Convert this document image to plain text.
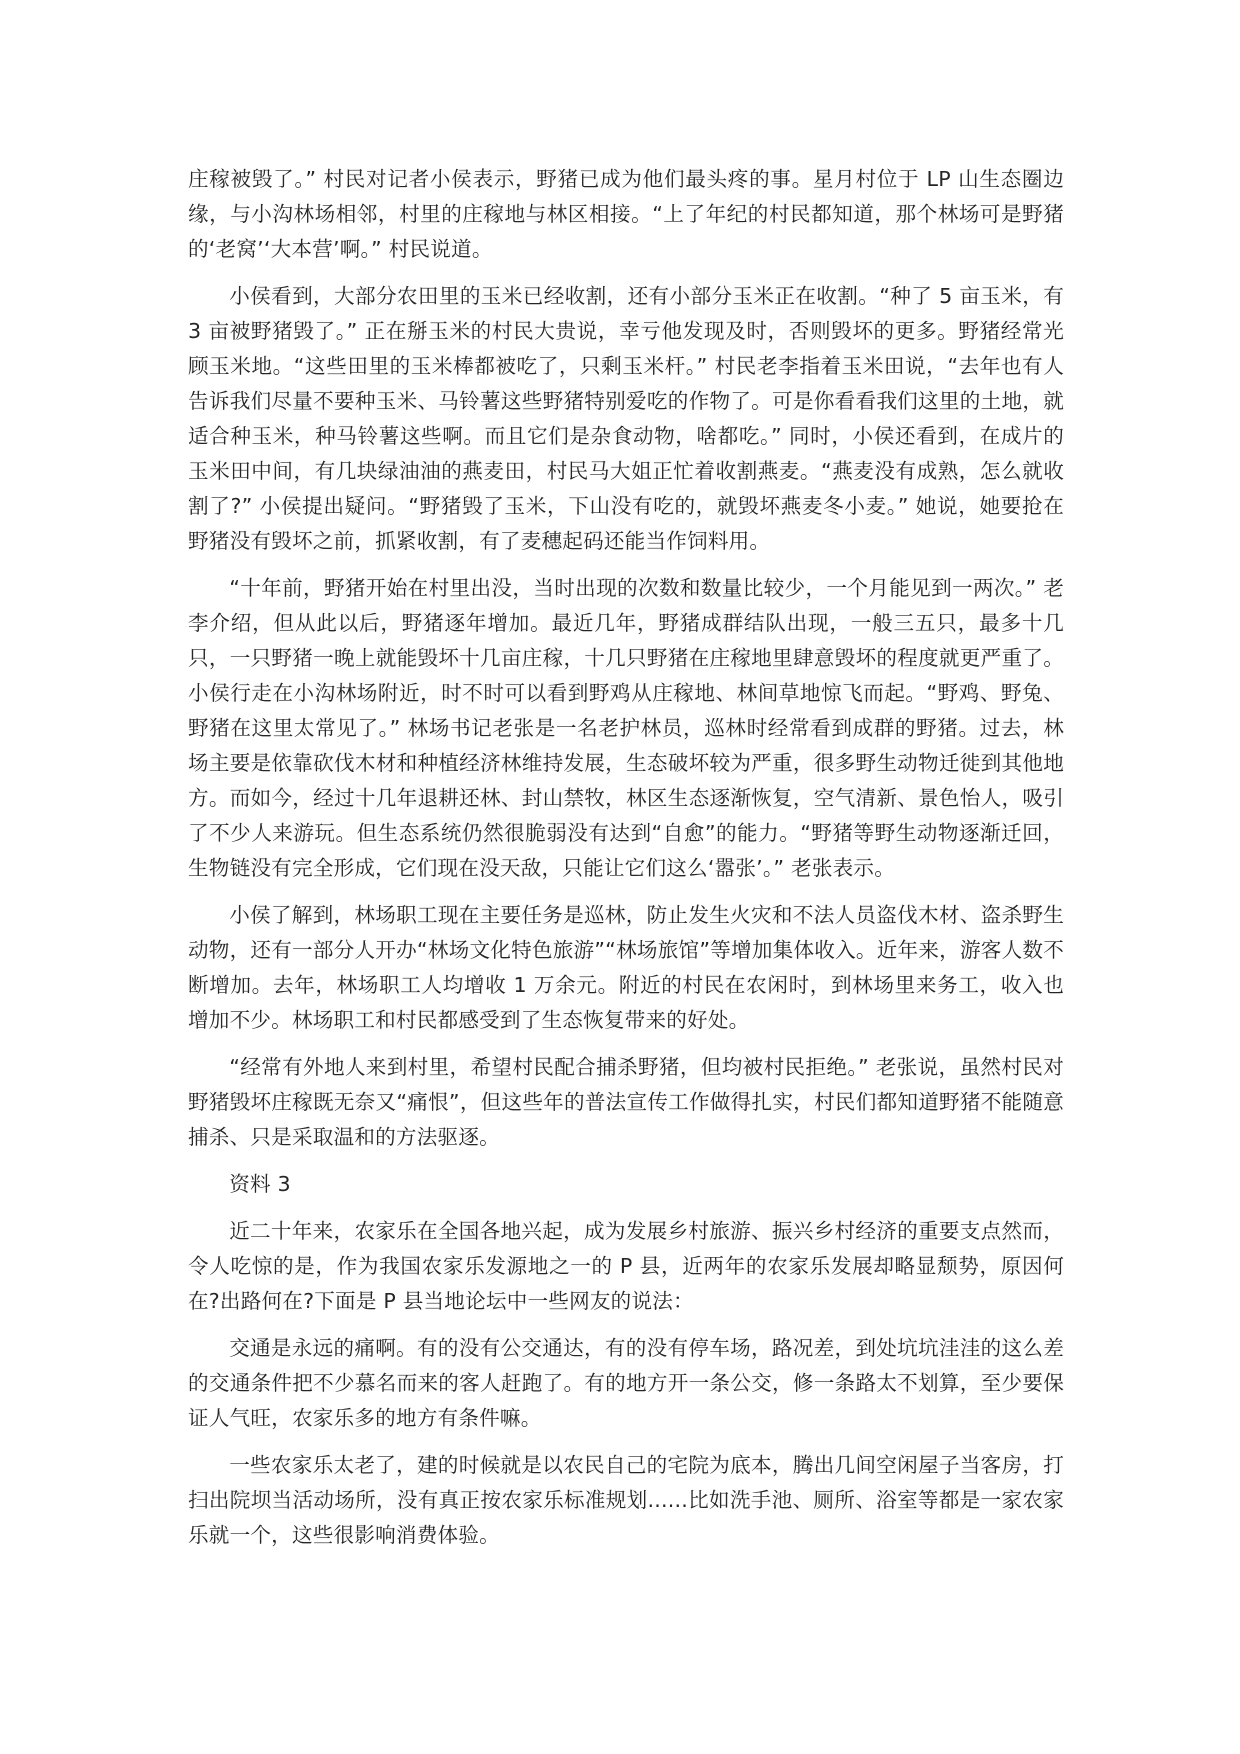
庄稼被毁了。” 村民对记者小侯表示，野猪已成为他们最头疼的事。星月村位于 LP 山生态圈边缘，与小沟林场相邻，村里的庄稼地与林区相接。“上了年纪的村民都知道，那个林场可是野猪的‘老窝’‘大本营’啊。” 村民说道。

小侯看到，大部分农田里的玉米已经收割，还有小部分玉米正在收割。“种了 5 亩玉米，有 3 亩被野猪毁了。” 正在掰玉米的村民大贵说，幸亏他发现及时，否则毁坏的更多。野猪经常光顾玉米地。“这些田里的玉米棒都被吃了，只剩玉米杆。” 村民老李指着玉米田说，“去年也有人告诉我们尽量不要种玉米、马铃薯这些野猪特别爱吃的作物了。可是你看看我们这里的土地，就适合种玉米，种马铃薯这些啊。而且它们是杂食动物，啥都吃。” 同时，小侯还看到，在成片的玉米田中间，有几块绿油油的燕麦田，村民马大姐正忙着收割燕麦。“燕麦没有成熟，怎么就收割了?” 小侯提出疑问。“野猪毁了玉米，下山没有吃的，就毁坏燕麦冬小麦。” 她说，她要抢在野猪没有毁坏之前，抓紧收割，有了麦穗起码还能当作饲料用。

“十年前，野猪开始在村里出没，当时出现的次数和数量比较少，一个月能见到一两次。” 老李介绍，但从此以后，野猪逐年增加。最近几年，野猪成群结队出现，一般三五只，最多十几只，一只野猪一晚上就能毁坏十几亩庄稼，十几只野猪在庄稼地里肆意毁坏的程度就更严重了。小侯行走在小沟林场附近，时不时可以看到野鸡从庄稼地、林间草地惊飞而起。“野鸡、野兔、野猪在这里太常见了。” 林场书记老张是一名老护林员，巡林时经常看到成群的野猪。过去，林场主要是依靠砍伐木材和种植经济林维持发展，生态破坏较为严重，很多野生动物迁徙到其他地方。而如今，经过十几年退耕还林、封山禁牧，林区生态逐渐恢复，空气清新、景色怡人，吸引了不少人来游玩。但生态系统仍然很脆弱没有达到“自愈”的能力。“野猪等野生动物逐渐迁回，生物链没有完全形成，它们现在没天敌，只能让它们这么‘嚣张’。” 老张表示。

小侯了解到，林场职工现在主要任务是巡林，防止发生火灾和不法人员盗伐木材、盗杀野生动物，还有一部分人开办“林场文化特色旅游”“林场旅馆”等增加集体收入。近年来，游客人数不断增加。去年，林场职工人均增收 1 万余元。附近的村民在农闲时，到林场里来务工，收入也增加不少。林场职工和村民都感受到了生态恢复带来的好处。

“经常有外地人来到村里，希望村民配合捕杀野猪，但均被村民拒绝。” 老张说，虽然村民对野猪毁坏庄稼既无奈又“痛恨”，但这些年的普法宣传工作做得扎实，村民们都知道野猪不能随意捕杀、只是采取温和的方法驱逐。

资料 3

近二十年来，农家乐在全国各地兴起，成为发展乡村旅游、振兴乡村经济的重要支点然而，令人吃惊的是，作为我国农家乐发源地之一的 P 县，近两年的农家乐发展却略显颓势，原因何在?出路何在?下面是 P 县当地论坛中一些网友的说法：

交通是永远的痛啊。有的没有公交通达，有的没有停车场，路况差，到处坑坑洼洼的这么差的交通条件把不少慕名而来的客人赶跑了。有的地方开一条公交，修一条路太不划算，至少要保证人气旺，农家乐多的地方有条件嘛。

一些农家乐太老了，建的时候就是以农民自己的宅院为底本，腾出几间空闲屋子当客房，打扫出院坝当活动场所，没有真正按农家乐标准规划......比如洗手池、厕所、浴室等都是一家农家乐就一个，这些很影响消费体验。
